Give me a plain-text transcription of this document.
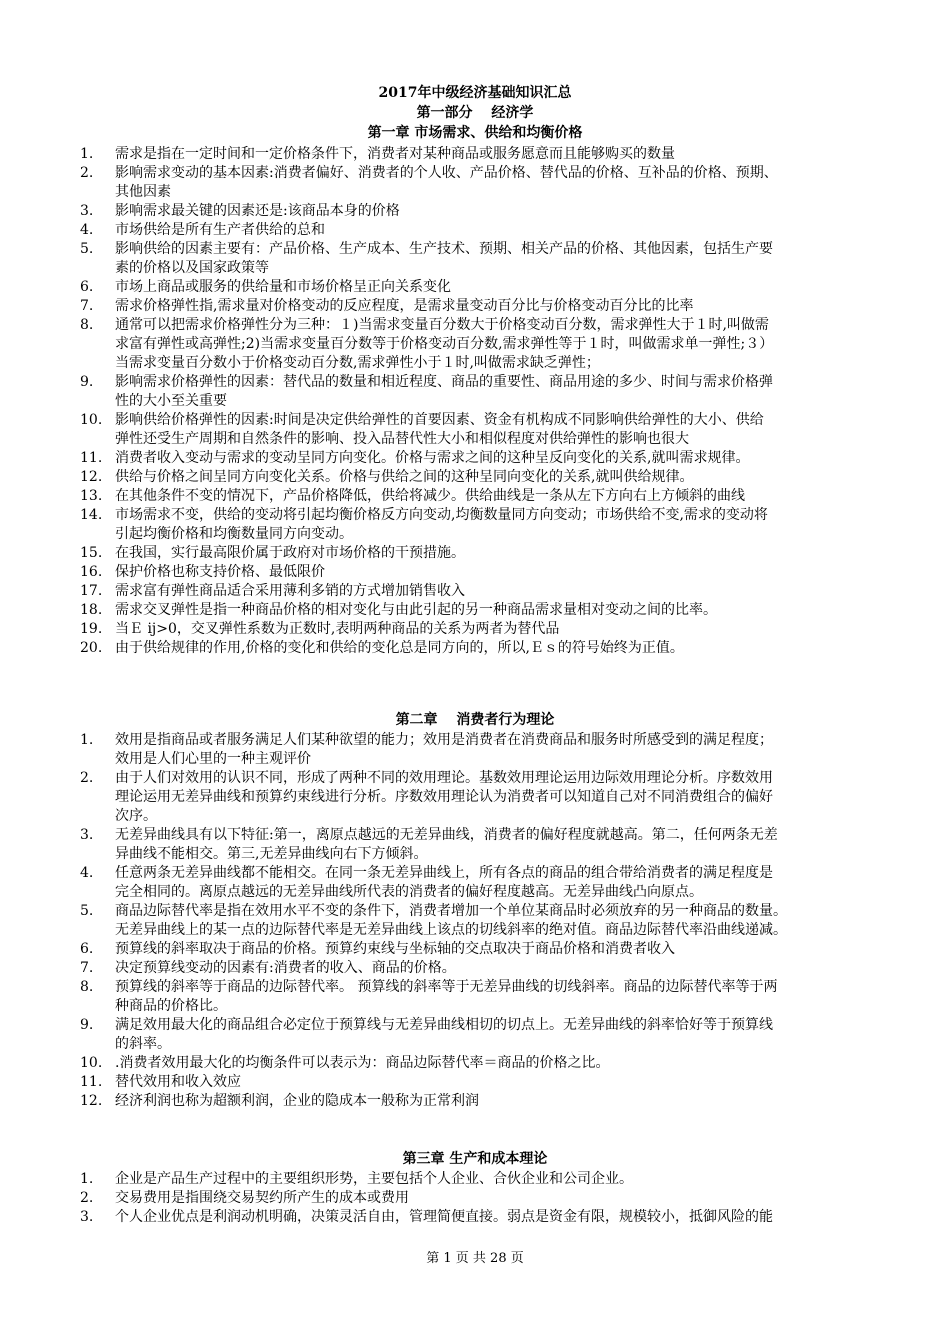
2017年中级经济基础知识汇总
第一部分　 经济学
第一章 市场需求、供给和均衡价格
1.	需求是指在一定时间和一定价格条件下，消费者对某种商品或服务愿意而且能够购买的数量
2.	影响需求变动的基本因素:消费者偏好、消费者的个人收、产品价格、替代品的价格、互补品的价格、预期、
其他因素
3.	影响需求最关键的因素还是:该商品本身的价格
4.	市场供给是所有生产者供给的总和
5.	影响供给的因素主要有：产品价格、生产成本、生产技术、预期、相关产品的价格、其他因素，包括生产要
素的价格以及国家政策等
6.	市场上商品或服务的供给量和市场价格呈正向关系变化
7.	需求价格弹性指,需求量对价格变动的反应程度，是需求量变动百分比与价格变动百分比的比率
8.	通常可以把需求价格弹性分为三种：１)当需求变量百分数大于价格变动百分数，需求弹性大于１时,叫做需
求富有弹性或高弹性;2)当需求变量百分数等于价格变动百分数,需求弹性等于１时，叫做需求单一弹性;３）
当需求变量百分数小于价格变动百分数,需求弹性小于１时,叫做需求缺乏弹性；
9.	影响需求价格弹性的因素：替代品的数量和相近程度、商品的重要性、商品用途的多少、时间与需求价格弹
性的大小至关重要
10. 影响供给价格弹性的因素:时间是决定供给弹性的首要因素、资金有机构成不同影响供给弹性的大小、供给
弹性还受生产周期和自然条件的影响、投入品替代性大小和相似程度对供给弹性的影响也很大
11. 消费者收入变动与需求的变动呈同方向变化。价格与需求之间的这种呈反向变化的关系,就叫需求规律。
12. 供给与价格之间呈同方向变化关系。价格与供给之间的这种呈同向变化的关系,就叫供给规律。
13. 在其他条件不变的情况下，产品价格降低，供给将减少。供给曲线是一条从左下方向右上方倾斜的曲线
14. 市场需求不变，供给的变动将引起均衡价格反方向变动,均衡数量同方向变动；市场供给不变,需求的变动将
引起均衡价格和均衡数量同方向变动。
15. 在我国，实行最高限价属于政府对市场价格的干预措施。
16. 保护价格也称支持价格、最低限价
17. 需求富有弹性商品适合采用薄利多销的方式增加销售收入
18. 需求交叉弹性是指一种商品价格的相对变化与由此引起的另一种商品需求量相对变动之间的比率。
19. 当Ｅ ij>0，交叉弹性系数为正数时,表明两种商品的关系为两者为替代品
20. 由于供给规律的作用,价格的变化和供给的变化总是同方向的，所以,Ｅｓ的符号始终为正值。
第二章　 消费者行为理论
1.	效用是指商品或者服务满足人们某种欲望的能力；效用是消费者在消费商品和服务时所感受到的满足程度；
效用是人们心里的一种主观评价
2.	由于人们对效用的认识不同，形成了两种不同的效用理论。基数效用理论运用边际效用理论分析。序数效用
理论运用无差异曲线和预算约束线进行分析。序数效用理论认为消费者可以知道自己对不同消费组合的偏好
次序。
3.	无差异曲线具有以下特征:第一，离原点越远的无差异曲线，消费者的偏好程度就越高。第二，任何两条无差
异曲线不能相交。第三,无差异曲线向右下方倾斜。
4.	任意两条无差异曲线都不能相交。在同一条无差异曲线上，所有各点的商品的组合带给消费者的满足程度是
完全相同的。离原点越远的无差异曲线所代表的消费者的偏好程度越高。无差异曲线凸向原点。
5.	商品边际替代率是指在效用水平不变的条件下，消费者增加一个单位某商品时必须放弃的另一种商品的数量。
无差异曲线上的某一点的边际替代率是无差异曲线上该点的切线斜率的绝对值。商品边际替代率沿曲线递减。
6.	预算线的斜率取决于商品的价格。预算约束线与坐标轴的交点取决于商品价格和消费者收入
7.	决定预算线变动的因素有:消费者的收入、商品的价格。
8.	预算线的斜率等于商品的边际替代率。 预算线的斜率等于无差异曲线的切线斜率。商品的边际替代率等于两
种商品的价格比。
9.	满足效用最大化的商品组合必定位于预算线与无差异曲线相切的切点上。无差异曲线的斜率恰好等于预算线
的斜率。
10. .消费者效用最大化的均衡条件可以表示为：商品边际替代率＝商品的价格之比。
11. 替代效用和收入效应
12. 经济利润也称为超额利润，企业的隐成本一般称为正常利润
第三章 生产和成本理论
1.	企业是产品生产过程中的主要组织形势，主要包括个人企业、合伙企业和公司企业。
2.	交易费用是指围绕交易契约所产生的成本或费用
3.	个人企业优点是利润动机明确，决策灵活自由，管理简便直接。弱点是资金有限，规模较小，抵御风险的能
第 1 页 共 28 页
